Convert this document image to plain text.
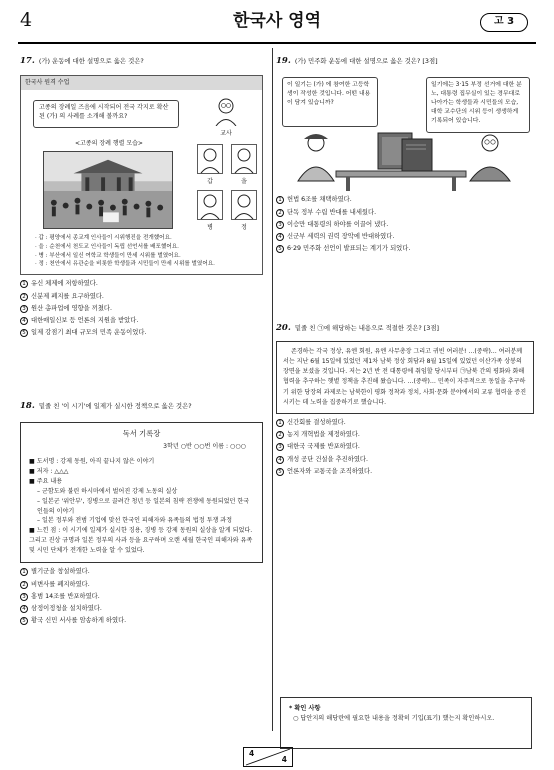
4	한국사 영역	고 3
17. (가) 운동에 대한 설명으로 옳은 것은?
한국사 원격 수업
고종의 장례일 즈음에 시작되어 전국 각지로 확산된 (가) 의 사례를 소개해 볼까요?
<고종의 장례 행렬 모습>
교사
갑	을
병	정
· 갑 : 평양에서 종교계 인사들이 시위행진을 전개했어요.
· 을 : 순천에서 천도교 인사들이 독립 선언서를 배포했어요.
· 병 : 부산에서 일신 여학교 학생들이 만세 시위를 벌였어요.
· 정 : 천안에서 유관순을 비롯한 학생들과 시민들이 만세 시위를 벌였어요.
1 유신 체제에 저항하였다.
2 신분제 폐지를 요구하였다.
3 원산 총파업에 영향을 끼쳤다.
4 대한매일신보 등 언론의 지원을 받았다.
5 일제 강점기 최대 규모의 민족 운동이었다.
18. 밑줄 친 '이 시기'에 일제가 실시한 정책으로 옳은 것은?
독서 기록장
3학년 ○반 ○○번 이름 : ○○○
■ 도서명 : 강제 동원, 아직 끝나지 않은 이야기
■ 저자 : △△△
■ 주요 내용
– 군함도와 불린 하시마에서 벌어진 강제 노동의 실상
– 일본군 '위안부', 징병으로 끌려간 청년 등 일본의 침략 전쟁에 동원되었던 한국인들의 이야기
– 일본 정부와 전범 기업에 맞선 한국인 피해자와 유족들의 법정 투쟁 과정
■ 느낀 점 : 이 시기에 일제가 실시한 징용, 징병 등 강제 동원의 실상을 알게 되었다. 그리고 진상 규명과 일본 정부의 사과 등을 요구하며 오랜 세월 한국인 피해자와 유족 및 시민 단체가 전개한 노력을 알 수 있었다.
1 별기군을 창설하였다.
2 비변사를 폐지하였다.
3 홍범 14조를 반포하였다.
4 삼정이정청을 설치하였다.
5 황국 신민 서사를 암송하게 하였다.
19. (가) 민주화 운동에 대한 설명으로 옳은 것은? [3점]
이 일기는 (가) 에 참여한 고등학생이 작성한 것입니다. 어떤 내용이 담겨 있습니까?
일기에는 3·15 부정 선거에 대한 분노, 대통령 집무실이 있는 경무대로 나아가는 학생들과 시민들의 모습, 대학 교수단의 시위 등이 생생하게 기록되어 있습니다.
1 헌법 6조를 채택하였다.
2 단독 정부 수립 반대를 내세웠다.
3 이승만 대통령의 하야를 이끌어 냈다.
4 신군부 세력의 권력 장악에 반대하였다.
5 6·29 민주화 선언이 발표되는 계기가 되었다.
20. 밑줄 친 ㉠에 해당하는 내용으로 적절한 것은? [3점]
존경하는 각국 정상, 유엔 회원, 유엔 사무총장 그리고 귀빈 여러분! …(중략)… 여러분께서는 지난 6월 15일에 있었던 제1차 남북 정상 회담과 8월 15일에 있었던 이산가족 상봉의 장면을 보셨을 것입니다. 저는 2년 반 전 대통령에 취임할 당시부터 ㉠남북 간의 평화와 화해 협력을 추구하는 햇볕 정책을 추진해 왔습니다. …(중략)… 민족이 자주적으로 동일을 추구하기 위한 당장의 과제로는 남북한이 평화 정착과 정치, 사회·문화 분야에서의 교류 협력을 증진시키는 데 노력을 집중하기로 했습니다.
1 신간회를 결성하였다.
2 농지 개혁법을 제정하였다.
3 대한국 국제를 반포하였다.
4 개성 공단 건설을 추진하였다.
5 언론자와 교통국을 조직하였다.
* 확인 사항
○ 답안지의 해당란에 필요한 내용을 정확히 기입(표기) 했는지 확인하시오.
4
4
